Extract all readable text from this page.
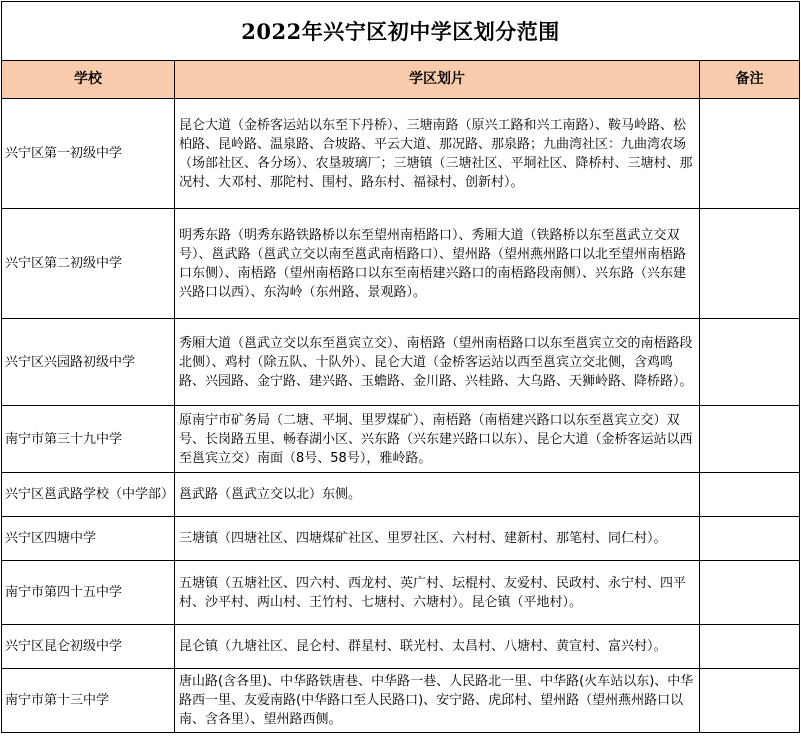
2022年兴宁区初中学区划分范围		
学校	学区划片	备注
兴宁区第一初级中学	昆仑大道（金桥客运站以东至下丹桥）、三塘南路（原兴工路和兴工南路）、鞍马岭路、松柏路、昆岭路、温泉路、合坡路、平云大道、那况路、那泉路；九曲湾社区：九曲湾农场（场部社区、各分场）、农垦玻璃厂；三塘镇（三塘社区、平垌社区、降桥村、三塘村、那况村、大邓村、那陀村、围村、路东村、福禄村、创新村）。	
兴宁区第二初级中学	明秀东路（明秀东路铁路桥以东至望州南梧路口）、秀厢大道（铁路桥以东至邕武立交双号）、邕武路（邕武立交以南至邕武南梧路口）、望州路（望州燕州路口以北至望州南梧路口东侧）、南梧路（望州南梧路口以东至南梧建兴路口的南梧路段南侧）、兴东路（兴东建兴路口以西）、东沟岭（东州路、景观路）。	
兴宁区兴园路初级中学	秀厢大道（邕武立交以东至邕宾立交）、南梧路（望州南梧路口以东至邕宾立交的南梧路段北侧）、鸡村（除五队、十队外）、昆仑大道（金桥客运站以西至邕宾立交北侧，含鸡鸣路、兴园路、金宁路、建兴路、玉蟾路、金川路、兴桂路、大乌路、天狮岭路、降桥路）。	
南宁市第三十九中学	原南宁市矿务局（二塘、平垌、里罗煤矿）、南梧路（南梧建兴路口以东至邕宾立交）双号、长岗路五里、畅春湖小区、兴东路（兴东建兴路口以东）、昆仑大道（金桥客运站以西至邕宾立交）南面（8号、58号），雅岭路。	
兴宁区邕武路学校（中学部）	邕武路（邕武立交以北）东侧。	
兴宁区四塘中学	三塘镇（四塘社区、四塘煤矿社区、里罗社区、六村村、建新村、那笔村、同仁村）。	
南宁市第四十五中学	五塘镇（五塘社区、四六村、西龙村、英广村、坛棍村、友爱村、民政村、永宁村、四平村、沙平村、两山村、王竹村、七塘村、六塘村）。昆仑镇（平地村）。	
兴宁区昆仑初级中学	昆仑镇（九塘社区、昆仑村、群星村、联光村、太昌村、八塘村、黄宣村、富兴村）。	
南宁市第十三中学	唐山路(含各里)、中华路铁唐巷、中华路一巷、人民路北一里、中华路(火车站以东)、中华路西一里、友爱南路(中华路口至人民路口)、安宁路、虎邱村、望州路（望州燕州路口以南、含各里）、望州路西侧。	
